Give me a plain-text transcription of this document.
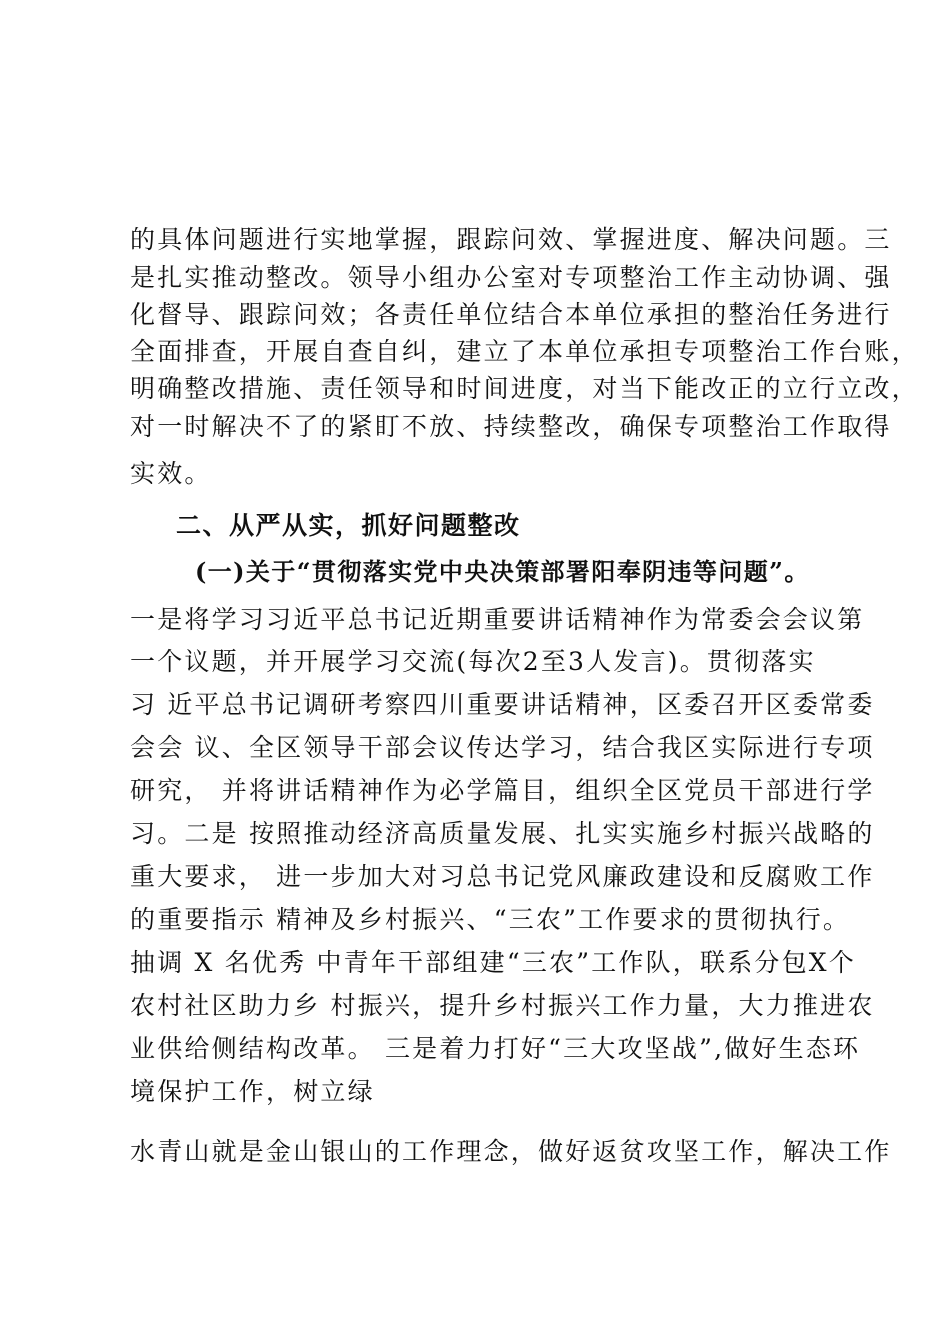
的具体问题进行实地掌握，跟踪问效、掌握进度、解决问题。三
是扎实推动整改。领导小组办公室对专项整治工作主动协调、强
化督导、跟踪问效；各责任单位结合本单位承担的整治任务进行
全面排查，开展自查自纠，建立了本单位承担专项整治工作台账，
明确整改措施、责任领导和时间进度，对当下能改正的立行立改，
对一时解决不了的紧盯不放、持续整改，确保专项整治工作取得
实效。
二、从严从实，抓好问题整改
(一)关于“贯彻落实党中央决策部署阳奉阴违等问题”。
一是将学习习近平总书记近期重要讲话精神作为常委会会议第
一个议题，并开展学习交流(每次2至3人发言)。贯彻落实
习 近平总书记调研考察四川重要讲话精神，区委召开区委常委
会会 议、全区领导干部会议传达学习，结合我区实际进行专项
研究， 并将讲话精神作为必学篇目，组织全区党员干部进行学
习。二是 按照推动经济高质量发展、扎实实施乡村振兴战略的
重大要求， 进一步加大对习总书记党风廉政建设和反腐败工作
的重要指示 精神及乡村振兴、“三农”工作要求的贯彻执行。
抽调 X 名优秀 中青年干部组建“三农”工作队，联系分包X个
农村社区助力乡 村振兴，提升乡村振兴工作力量，大力推进农
业供给侧结构改革。 三是着力打好“三大攻坚战”,做好生态环
境保护工作，树立绿
水青山就是金山银山的工作理念，做好返贫攻坚工作，解决工作
